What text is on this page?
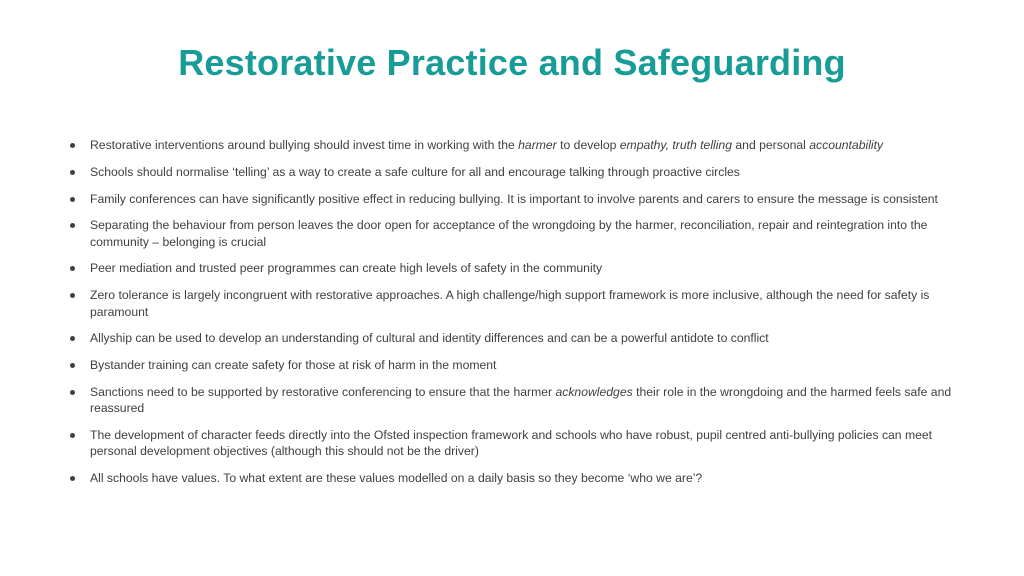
Restorative Practice and Safeguarding
Restorative interventions around bullying should invest time in working with the harmer to develop empathy, truth telling and personal accountability
Schools should normalise ‘telling’ as a way to create a safe culture for all and encourage talking through proactive circles
Family conferences can have significantly positive effect in reducing bullying. It is important to involve parents and carers to ensure the message is consistent
Separating the behaviour from person leaves the door open for acceptance of the wrongdoing by the harmer, reconciliation, repair and reintegration into the community – belonging is crucial
Peer mediation and trusted peer programmes can create high levels of safety in the community
Zero tolerance is largely incongruent with restorative approaches. A high challenge/high support framework is more inclusive, although the need for safety is paramount
Allyship can be used to develop an understanding of cultural and identity differences and can be a powerful antidote to conflict
Bystander training can create safety for those at risk of harm in the moment
Sanctions need to be supported by restorative conferencing to ensure that the harmer acknowledges their role in the wrongdoing and the harmed feels safe and reassured
The development of character feeds directly into the Ofsted inspection framework and schools who have robust, pupil centred anti-bullying policies can meet personal development objectives (although this should not be the driver)
All schools have values. To what extent are these values modelled on a daily basis so they become ‘who we are’?
